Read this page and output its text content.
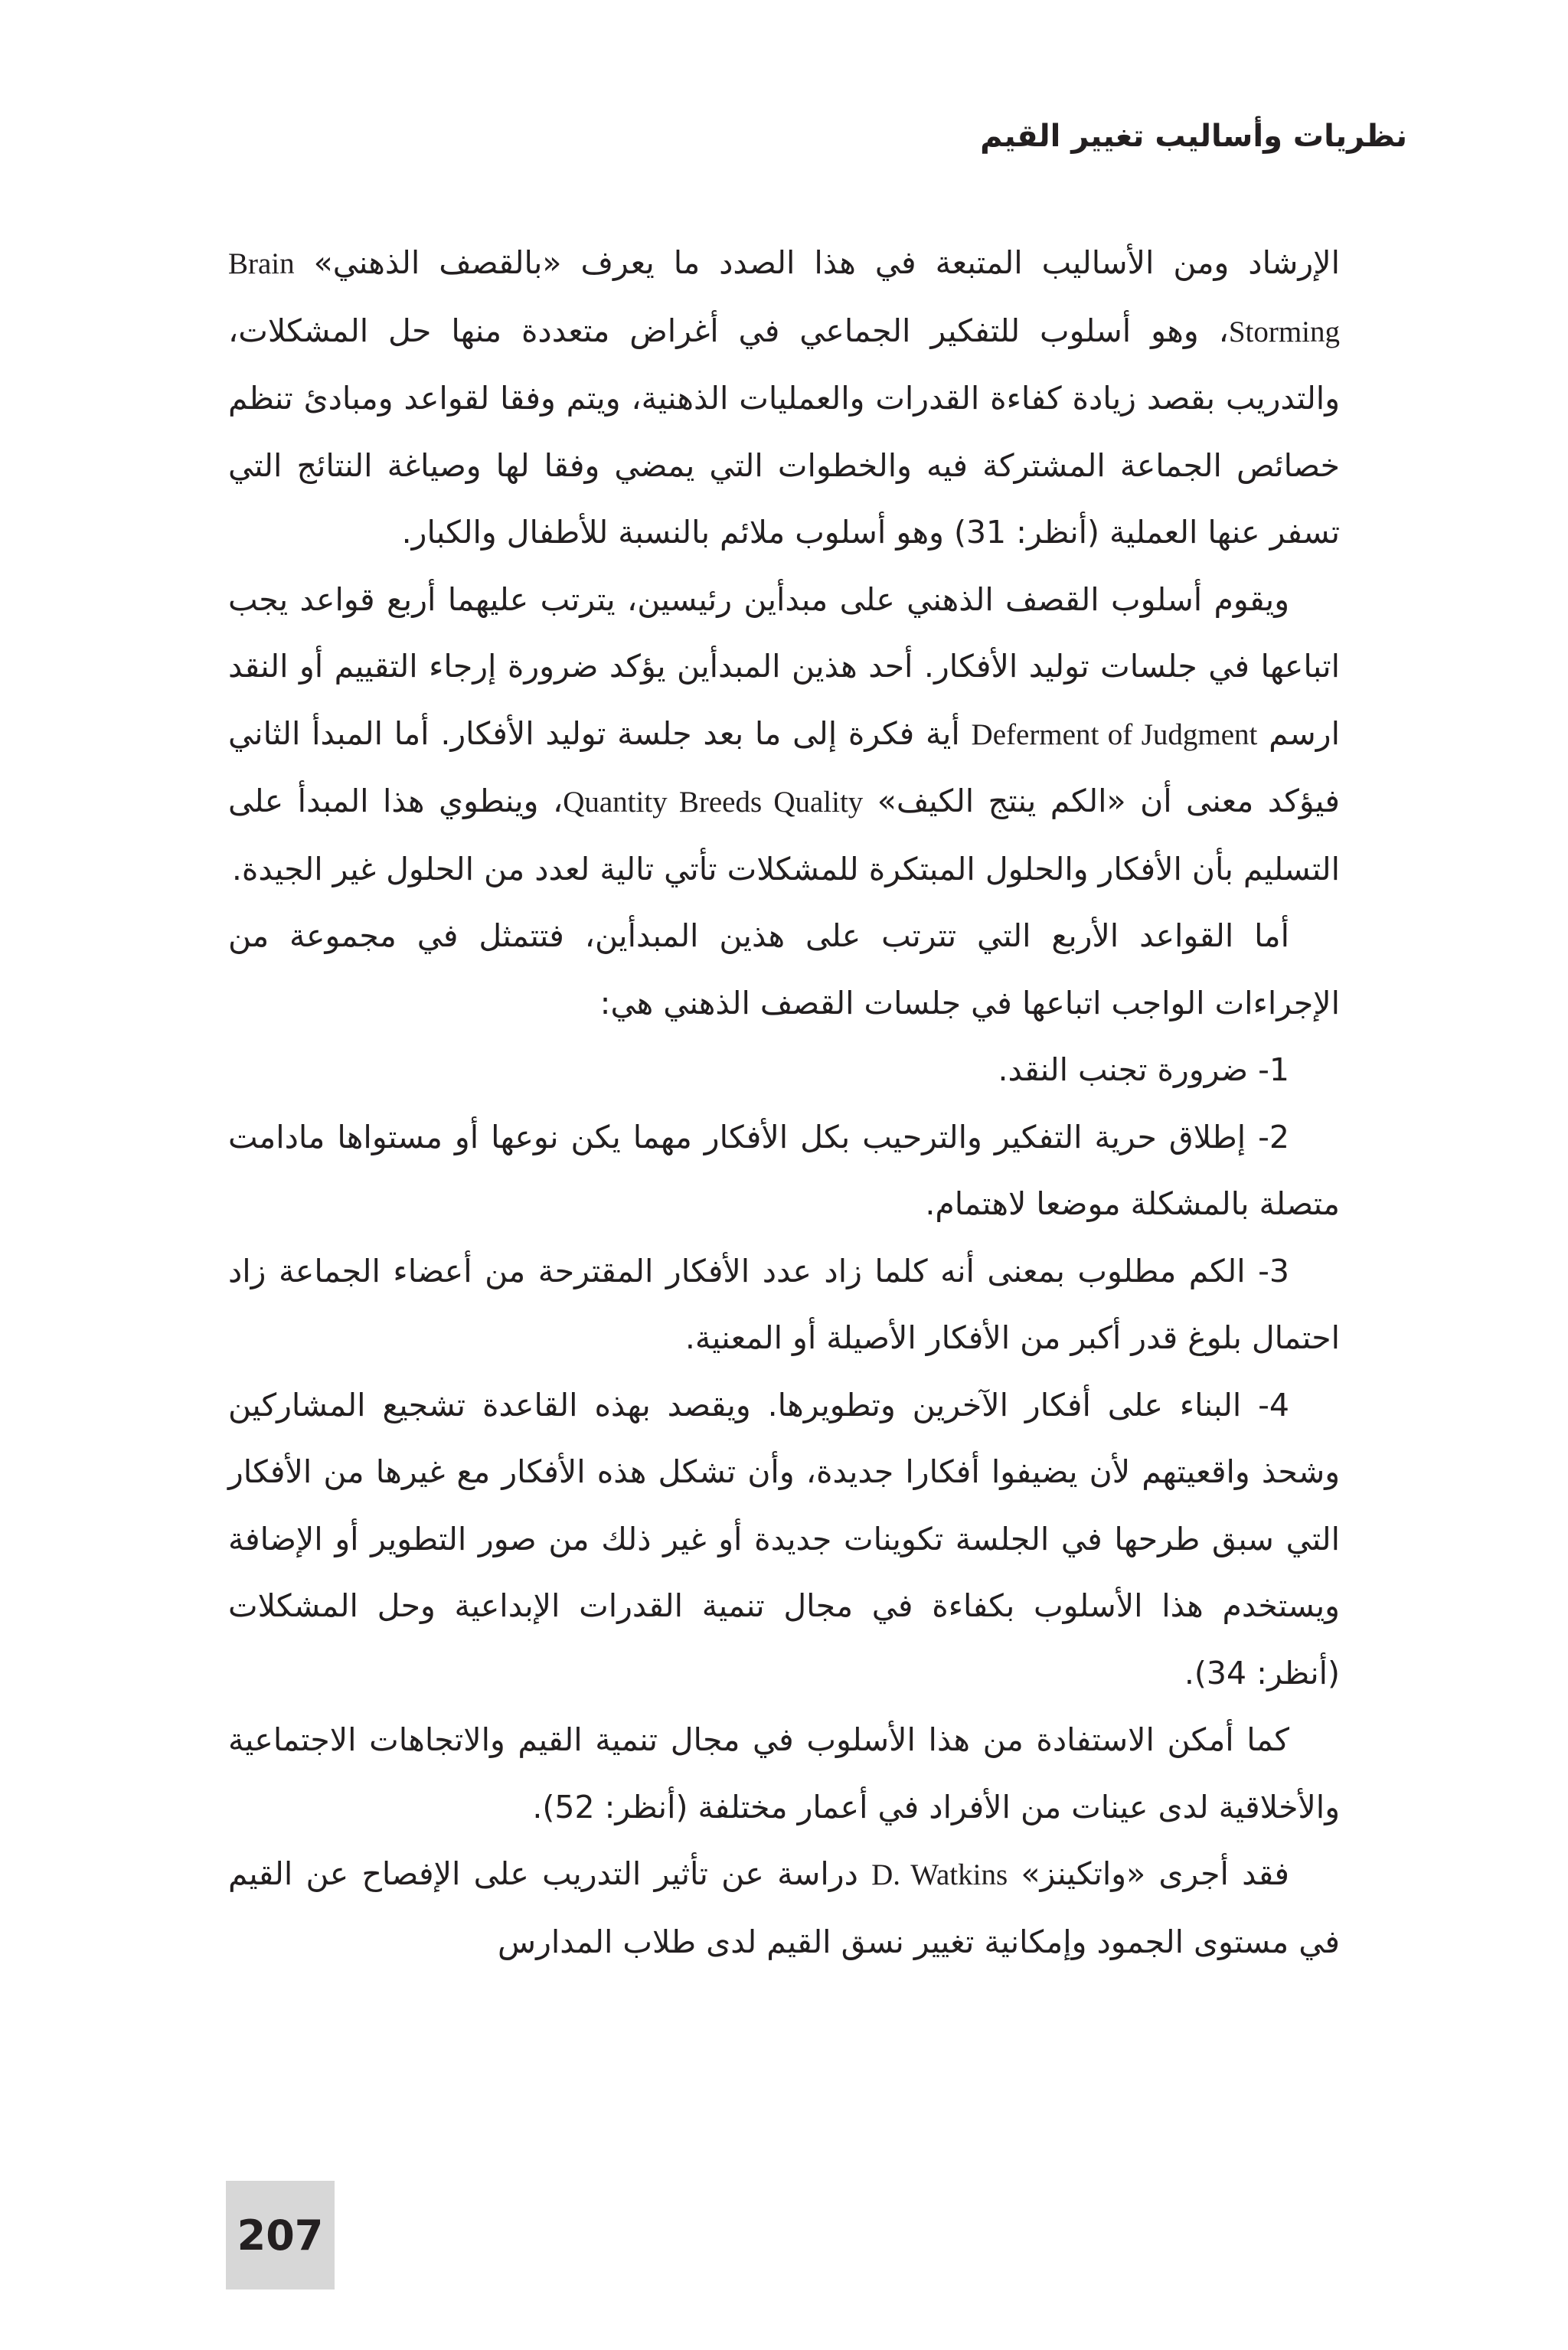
نظريات وأساليب تغيير القيم

الإرشاد ومن الأساليب المتبعة في هذا الصدد ما يعرف «بالقصف الذهني» Brain Storming، وهو أسلوب للتفكير الجماعي في أغراض متعددة منها حل المشكلات، والتدريب بقصد زيادة كفاءة القدرات والعمليات الذهنية، ويتم وفقا لقواعد ومبادئ تنظم خصائص الجماعة المشتركة فيه والخطوات التي يمضي وفقا لها وصياغة النتائج التي تسفر عنها العملية (أنظر: 31) وهو أسلوب ملائم بالنسبة للأطفال والكبار.

ويقوم أسلوب القصف الذهني على مبدأين رئيسين، يترتب عليهما أربع قواعد يجب اتباعها في جلسات توليد الأفكار. أحد هذين المبدأين يؤكد ضرورة إرجاء التقييم أو النقد ارسم Deferment of Judgment أية فكرة إلى ما بعد جلسة توليد الأفكار. أما المبدأ الثاني فيؤكد معنى أن «الكم ينتج الكيف» Quantity Breeds Quality، وينطوي هذا المبدأ على التسليم بأن الأفكار والحلول المبتكرة للمشكلات تأتي تالية لعدد من الحلول غير الجيدة.

أما القواعد الأربع التي تترتب على هذين المبدأين، فتتمثل في مجموعة من الإجراءات الواجب اتباعها في جلسات القصف الذهني هي:

1- ضرورة تجنب النقد.

2- إطلاق حرية التفكير والترحيب بكل الأفكار مهما يكن نوعها أو مستواها مادامت متصلة بالمشكلة موضعا لاهتمام.

3- الكم مطلوب بمعنى أنه كلما زاد عدد الأفكار المقترحة من أعضاء الجماعة زاد احتمال بلوغ قدر أكبر من الأفكار الأصيلة أو المعنية.

4- البناء على أفكار الآخرين وتطويرها. ويقصد بهذه القاعدة تشجيع المشاركين وشحذ واقعيتهم لأن يضيفوا أفكارا جديدة، وأن تشكل هذه الأفكار مع غيرها من الأفكار التي سبق طرحها في الجلسة تكوينات جديدة أو غير ذلك من صور التطوير أو الإضافة ويستخدم هذا الأسلوب بكفاءة في مجال تنمية القدرات الإبداعية وحل المشكلات (أنظر: 34).

كما أمكن الاستفادة من هذا الأسلوب في مجال تنمية القيم والاتجاهات الاجتماعية والأخلاقية لدى عينات من الأفراد في أعمار مختلفة (أنظر: 52).

فقد أجرى «واتكينز» D. Watkins دراسة عن تأثير التدريب على الإفصاح عن القيم في مستوى الجمود وإمكانية تغيير نسق القيم لدى طلاب المدارس

207
